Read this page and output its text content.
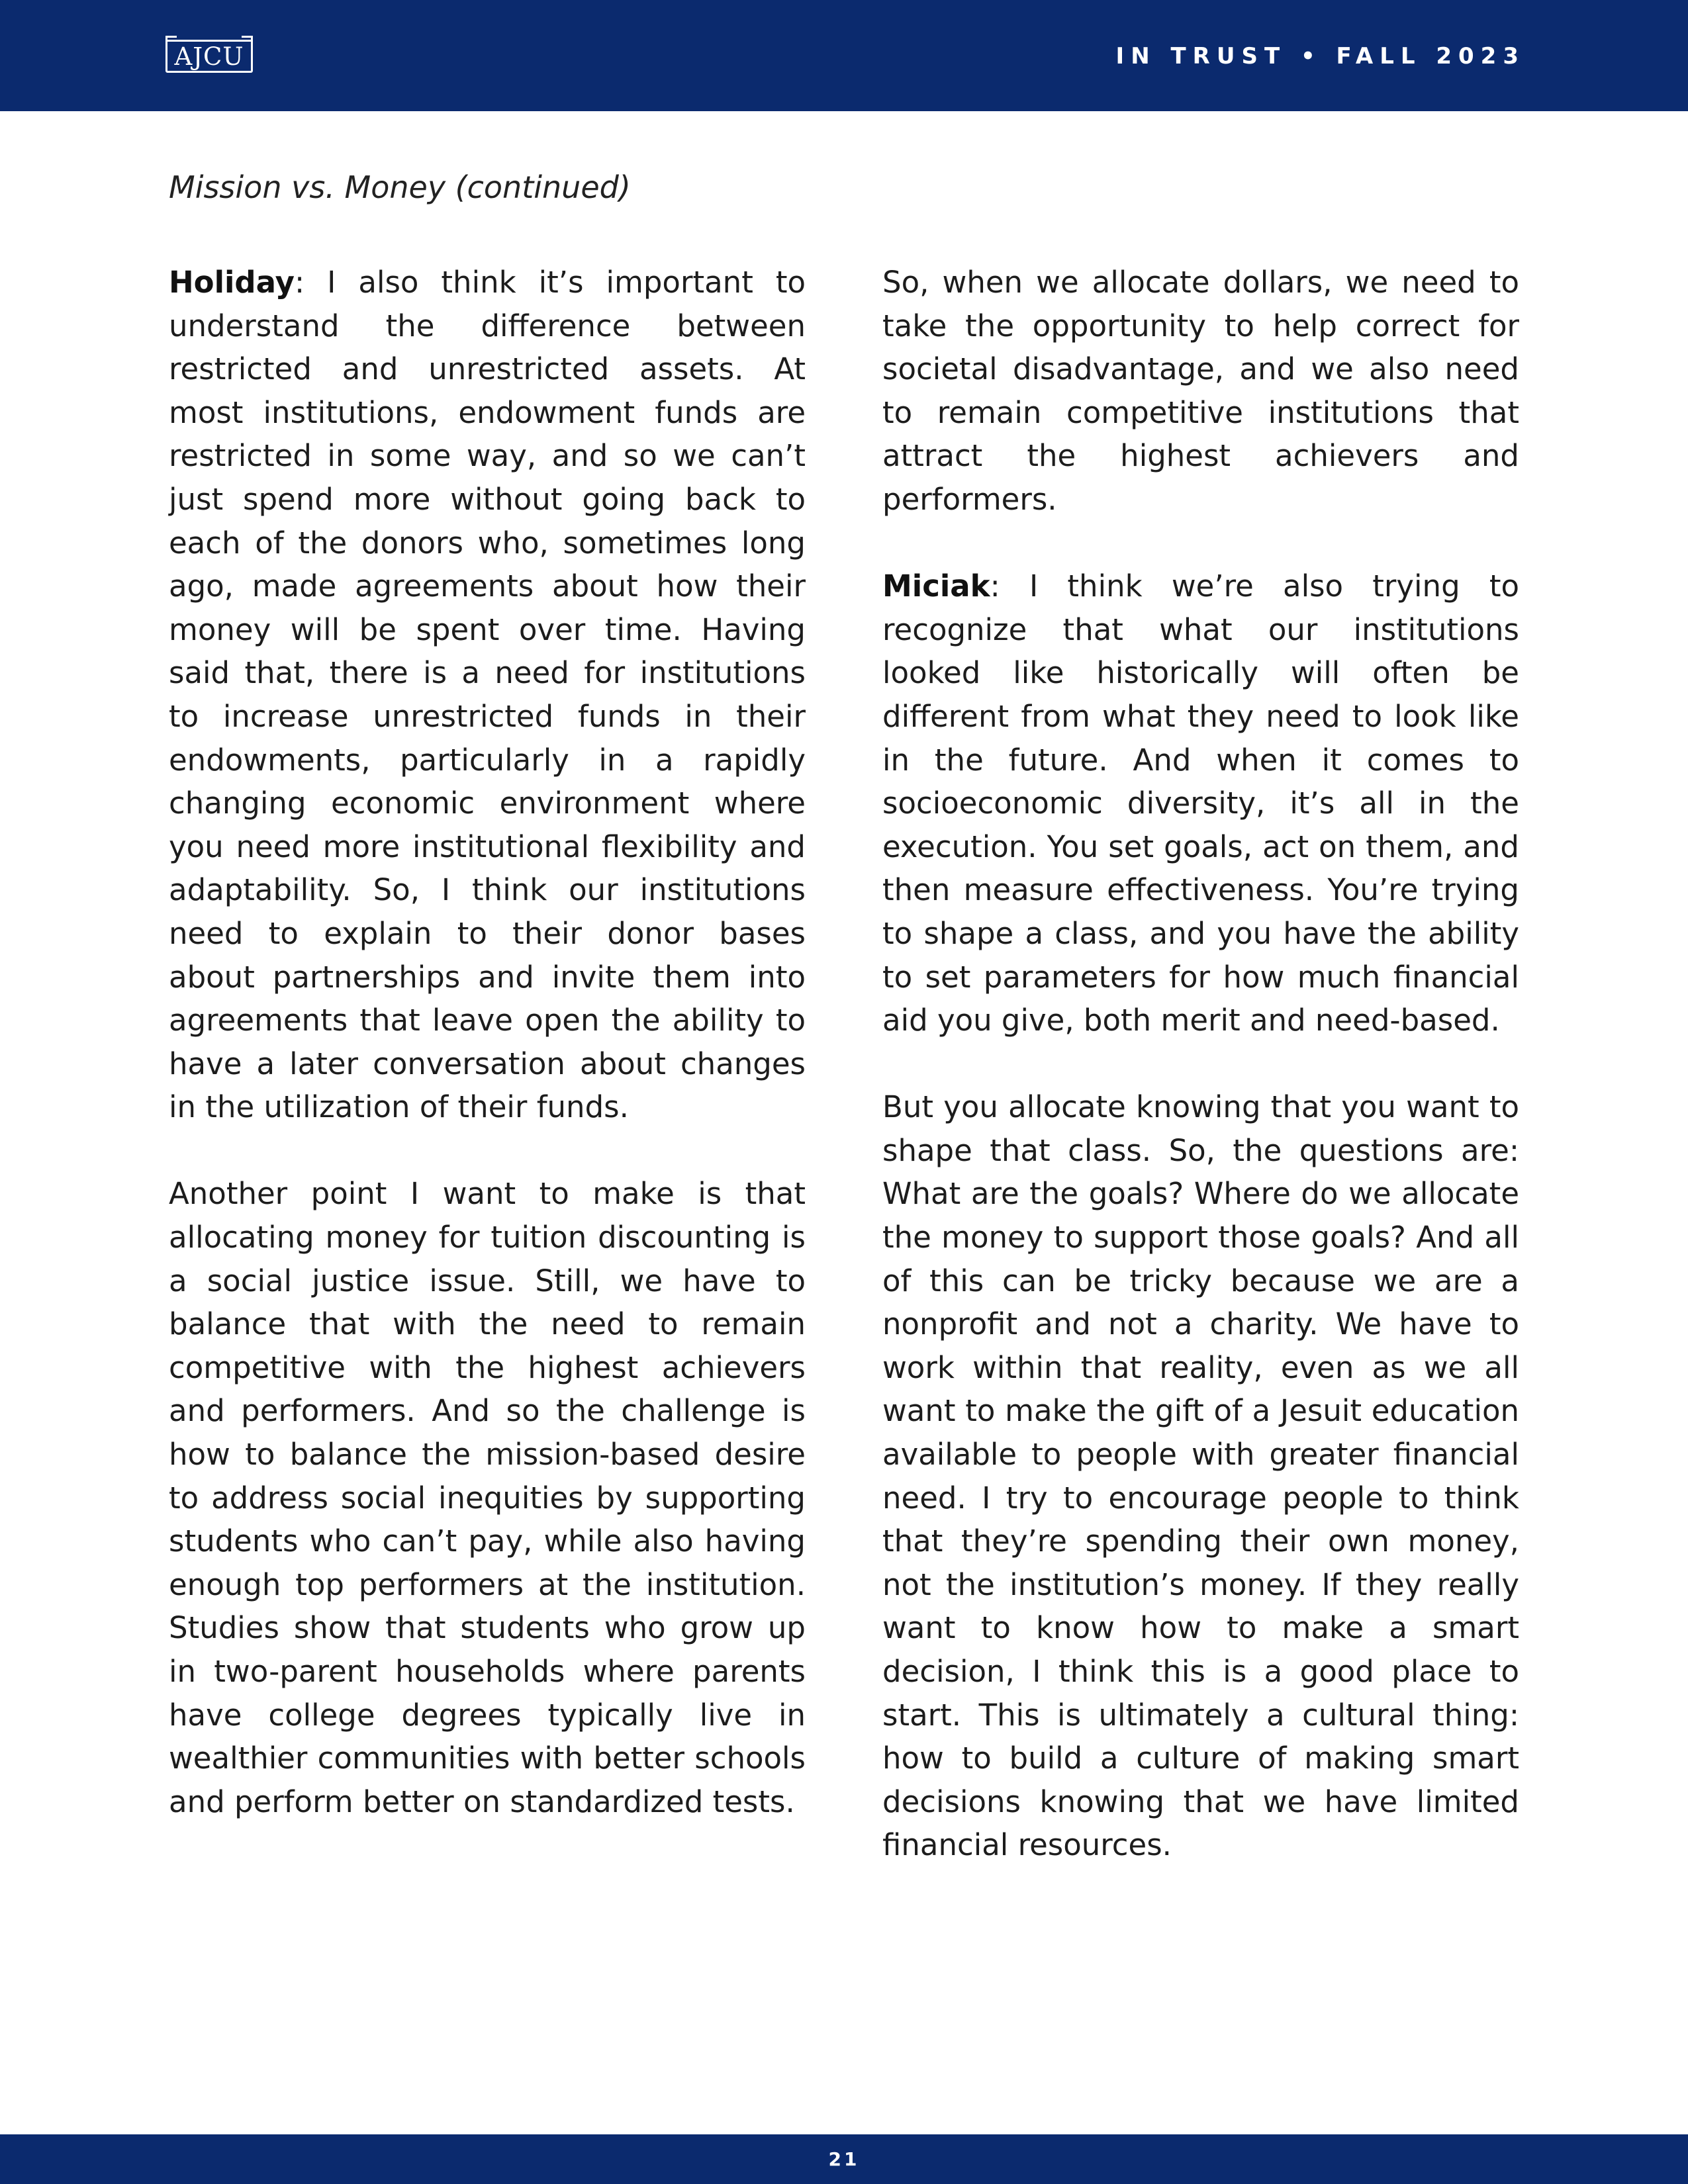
AJCU	IN TRUST • FALL 2023
Mission vs. Money (continued)

Holiday: I also think it’s important to understand the difference between restricted and unrestricted assets. At most institutions, endowment funds are restricted in some way, and so we can’t just spend more without going back to each of the donors who, sometimes long ago, made agreements about how their money will be spent over time. Having said that, there is a need for institutions to increase unrestricted funds in their endowments, particularly in a rapidly changing economic environment where you need more institutional flexibility and adaptability. So, I think our institutions need to explain to their donor bases about partnerships and invite them into agreements that leave open the ability to have a later conversation about changes in the utilization of their funds.

Another point I want to make is that allocating money for tuition discounting is a social justice issue. Still, we have to balance that with the need to remain competitive with the highest achievers and performers. And so the challenge is how to balance the mission-based desire to address social inequities by supporting students who can’t pay, while also having enough top performers at the institution. Studies show that students who grow up in two-parent households where parents have college degrees typically live in wealthier communities with better schools and perform better on standardized tests.

So, when we allocate dollars, we need to take the opportunity to help correct for societal disadvantage, and we also need to remain competitive institutions that attract the highest achievers and performers.

Miciak: I think we’re also trying to recognize that what our institutions looked like historically will often be different from what they need to look like in the future. And when it comes to socioeconomic diversity, it’s all in the execution. You set goals, act on them, and then measure effectiveness. You’re trying to shape a class, and you have the ability to set parameters for how much financial aid you give, both merit and need-based.

But you allocate knowing that you want to shape that class. So, the questions are: What are the goals? Where do we allocate the money to support those goals? And all of this can be tricky because we are a nonprofit and not a charity. We have to work within that reality, even as we all want to make the gift of a Jesuit education available to people with greater financial need. I try to encourage people to think that they’re spending their own money, not the institution’s money. If they really want to know how to make a smart decision, I think this is a good place to start. This is ultimately a cultural thing: how to build a culture of making smart decisions knowing that we have limited financial resources.

21
